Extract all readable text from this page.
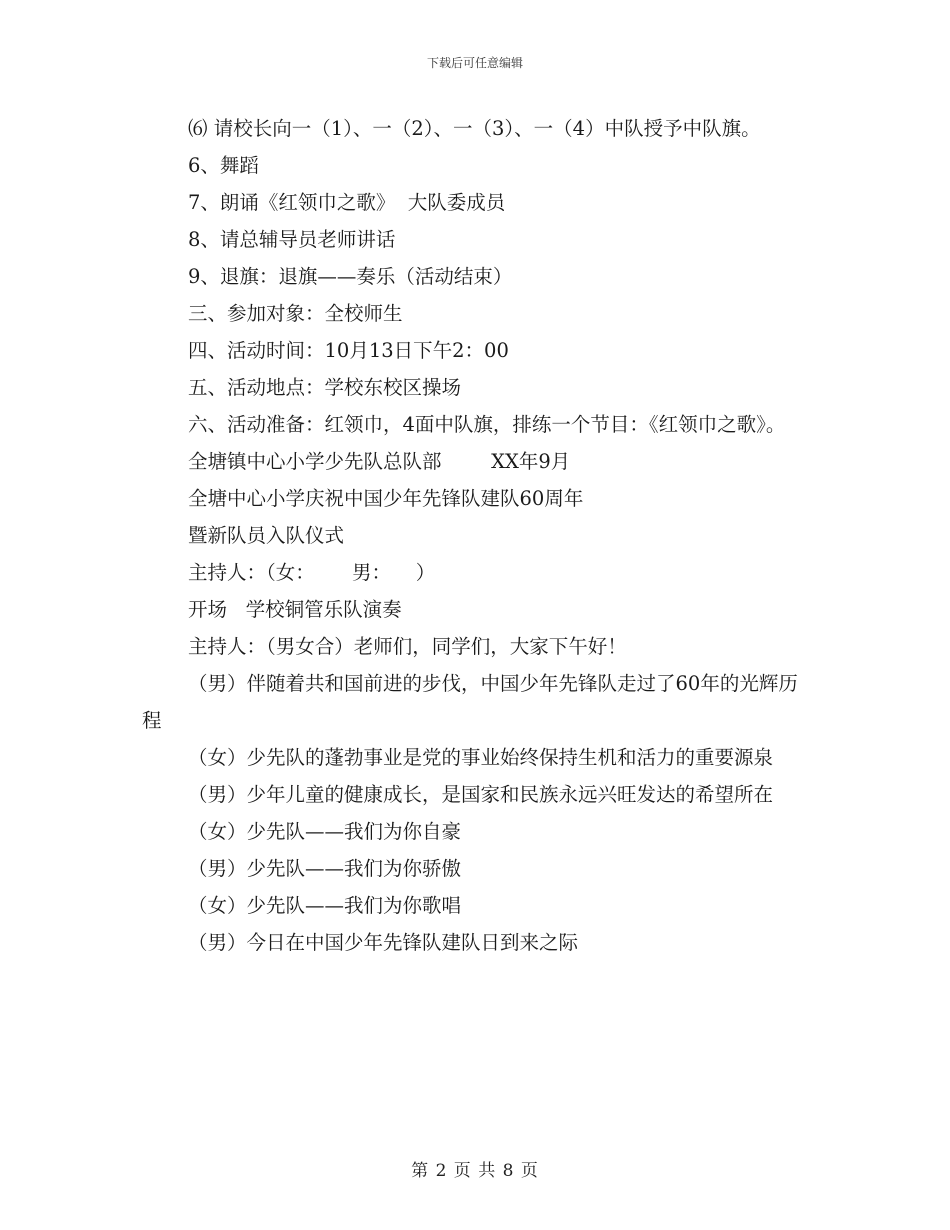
下载后可任意编辑

⑹ 请校长向一（1）、一（2）、一（3）、一（4）中队授予中队旗。

6、舞蹈

7、朗诵《红领巾之歌》  大队委成员

8、请总辅导员老师讲话

9、退旗：退旗——奏乐（活动结束）

三、参加对象：全校师生

四、活动时间：10月13日下午2：00

五、活动地点：学校东校区操场

六、活动准备：红领巾，4面中队旗，排练一个节目：《红领巾之歌》。

全塘镇中心小学少先队总队部        XX年9月

全塘中心小学庆祝中国少年先锋队建队60周年

暨新队员入队仪式

主持人：（女：      男：    ）

开场   学校铜管乐队演奏

主持人：（男女合）老师们，同学们，大家下午好！

（男）伴随着共和国前进的步伐，中国少年先锋队走过了60年的光辉历程

（女）少先队的蓬勃事业是党的事业始终保持生机和活力的重要源泉

（男）少年儿童的健康成长，是国家和民族永远兴旺发达的希望所在

（女）少先队——我们为你自豪

（男）少先队——我们为你骄傲

（女）少先队——我们为你歌唱

（男）今日在中国少年先锋队建队日到来之际

第 2 页 共 8 页
